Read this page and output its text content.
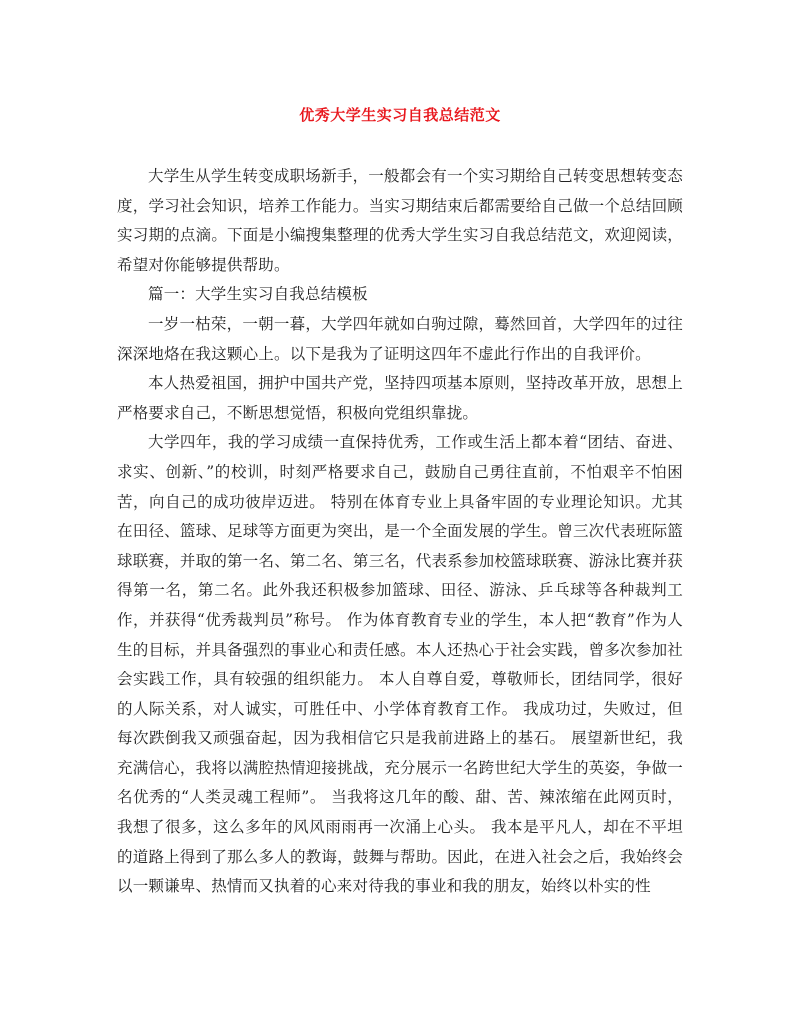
优秀大学生实习自我总结范文

大学生从学生转变成职场新手，一般都会有一个实习期给自己转变思想转变态度，学习社会知识，培养工作能力。当实习期结束后都需要给自己做一个总结回顾实习期的点滴。下面是小编搜集整理的优秀大学生实习自我总结范文，欢迎阅读，希望对你能够提供帮助。

篇一：大学生实习自我总结模板

一岁一枯荣，一朝一暮，大学四年就如白驹过隙，蓦然回首，大学四年的过往深深地烙在我这颗心上。以下是我为了证明这四年不虚此行作出的自我评价。

本人热爱祖国，拥护中国共产党，坚持四项基本原则，坚持改革开放，思想上严格要求自己，不断思想觉悟，积极向党组织靠拢。

大学四年，我的学习成绩一直保持优秀，工作或生活上都本着“团结、奋进、求实、创新、”的校训，时刻严格要求自己，鼓励自己勇往直前，不怕艰辛不怕困苦，向自己的成功彼岸迈进。 特别在体育专业上具备牢固的专业理论知识。尤其在田径、篮球、足球等方面更为突出，是一个全面发展的学生。曾三次代表班际篮球联赛，并取的第一名、第二名、第三名，代表系参加校篮球联赛、游泳比赛并获得第一名，第二名。此外我还积极参加篮球、田径、游泳、乒乓球等各种裁判工作，并获得“优秀裁判员”称号。 作为体育教育专业的学生，本人把“教育”作为人生的目标，并具备强烈的事业心和责任感。本人还热心于社会实践，曾多次参加社会实践工作，具有较强的组织能力。 本人自尊自爱，尊敬师长，团结同学，很好的人际关系，对人诚实，可胜任中、小学体育教育工作。 我成功过，失败过，但每次跌倒我又顽强奋起，因为我相信它只是我前进路上的基石。 展望新世纪，我充满信心，我将以满腔热情迎接挑战，充分展示一名跨世纪大学生的英姿，争做一名优秀的“人类灵魂工程师”。 当我将这几年的酸、甜、苦、辣浓缩在此网页时，我想了很多，这么多年的风风雨雨再一次涌上心头。 我本是平凡人，却在不平坦的道路上得到了那么多人的教诲，鼓舞与帮助。因此，在进入社会之后，我始终会以一颗谦卑、热情而又执着的心来对待我的事业和我的朋友，始终以朴实的性
